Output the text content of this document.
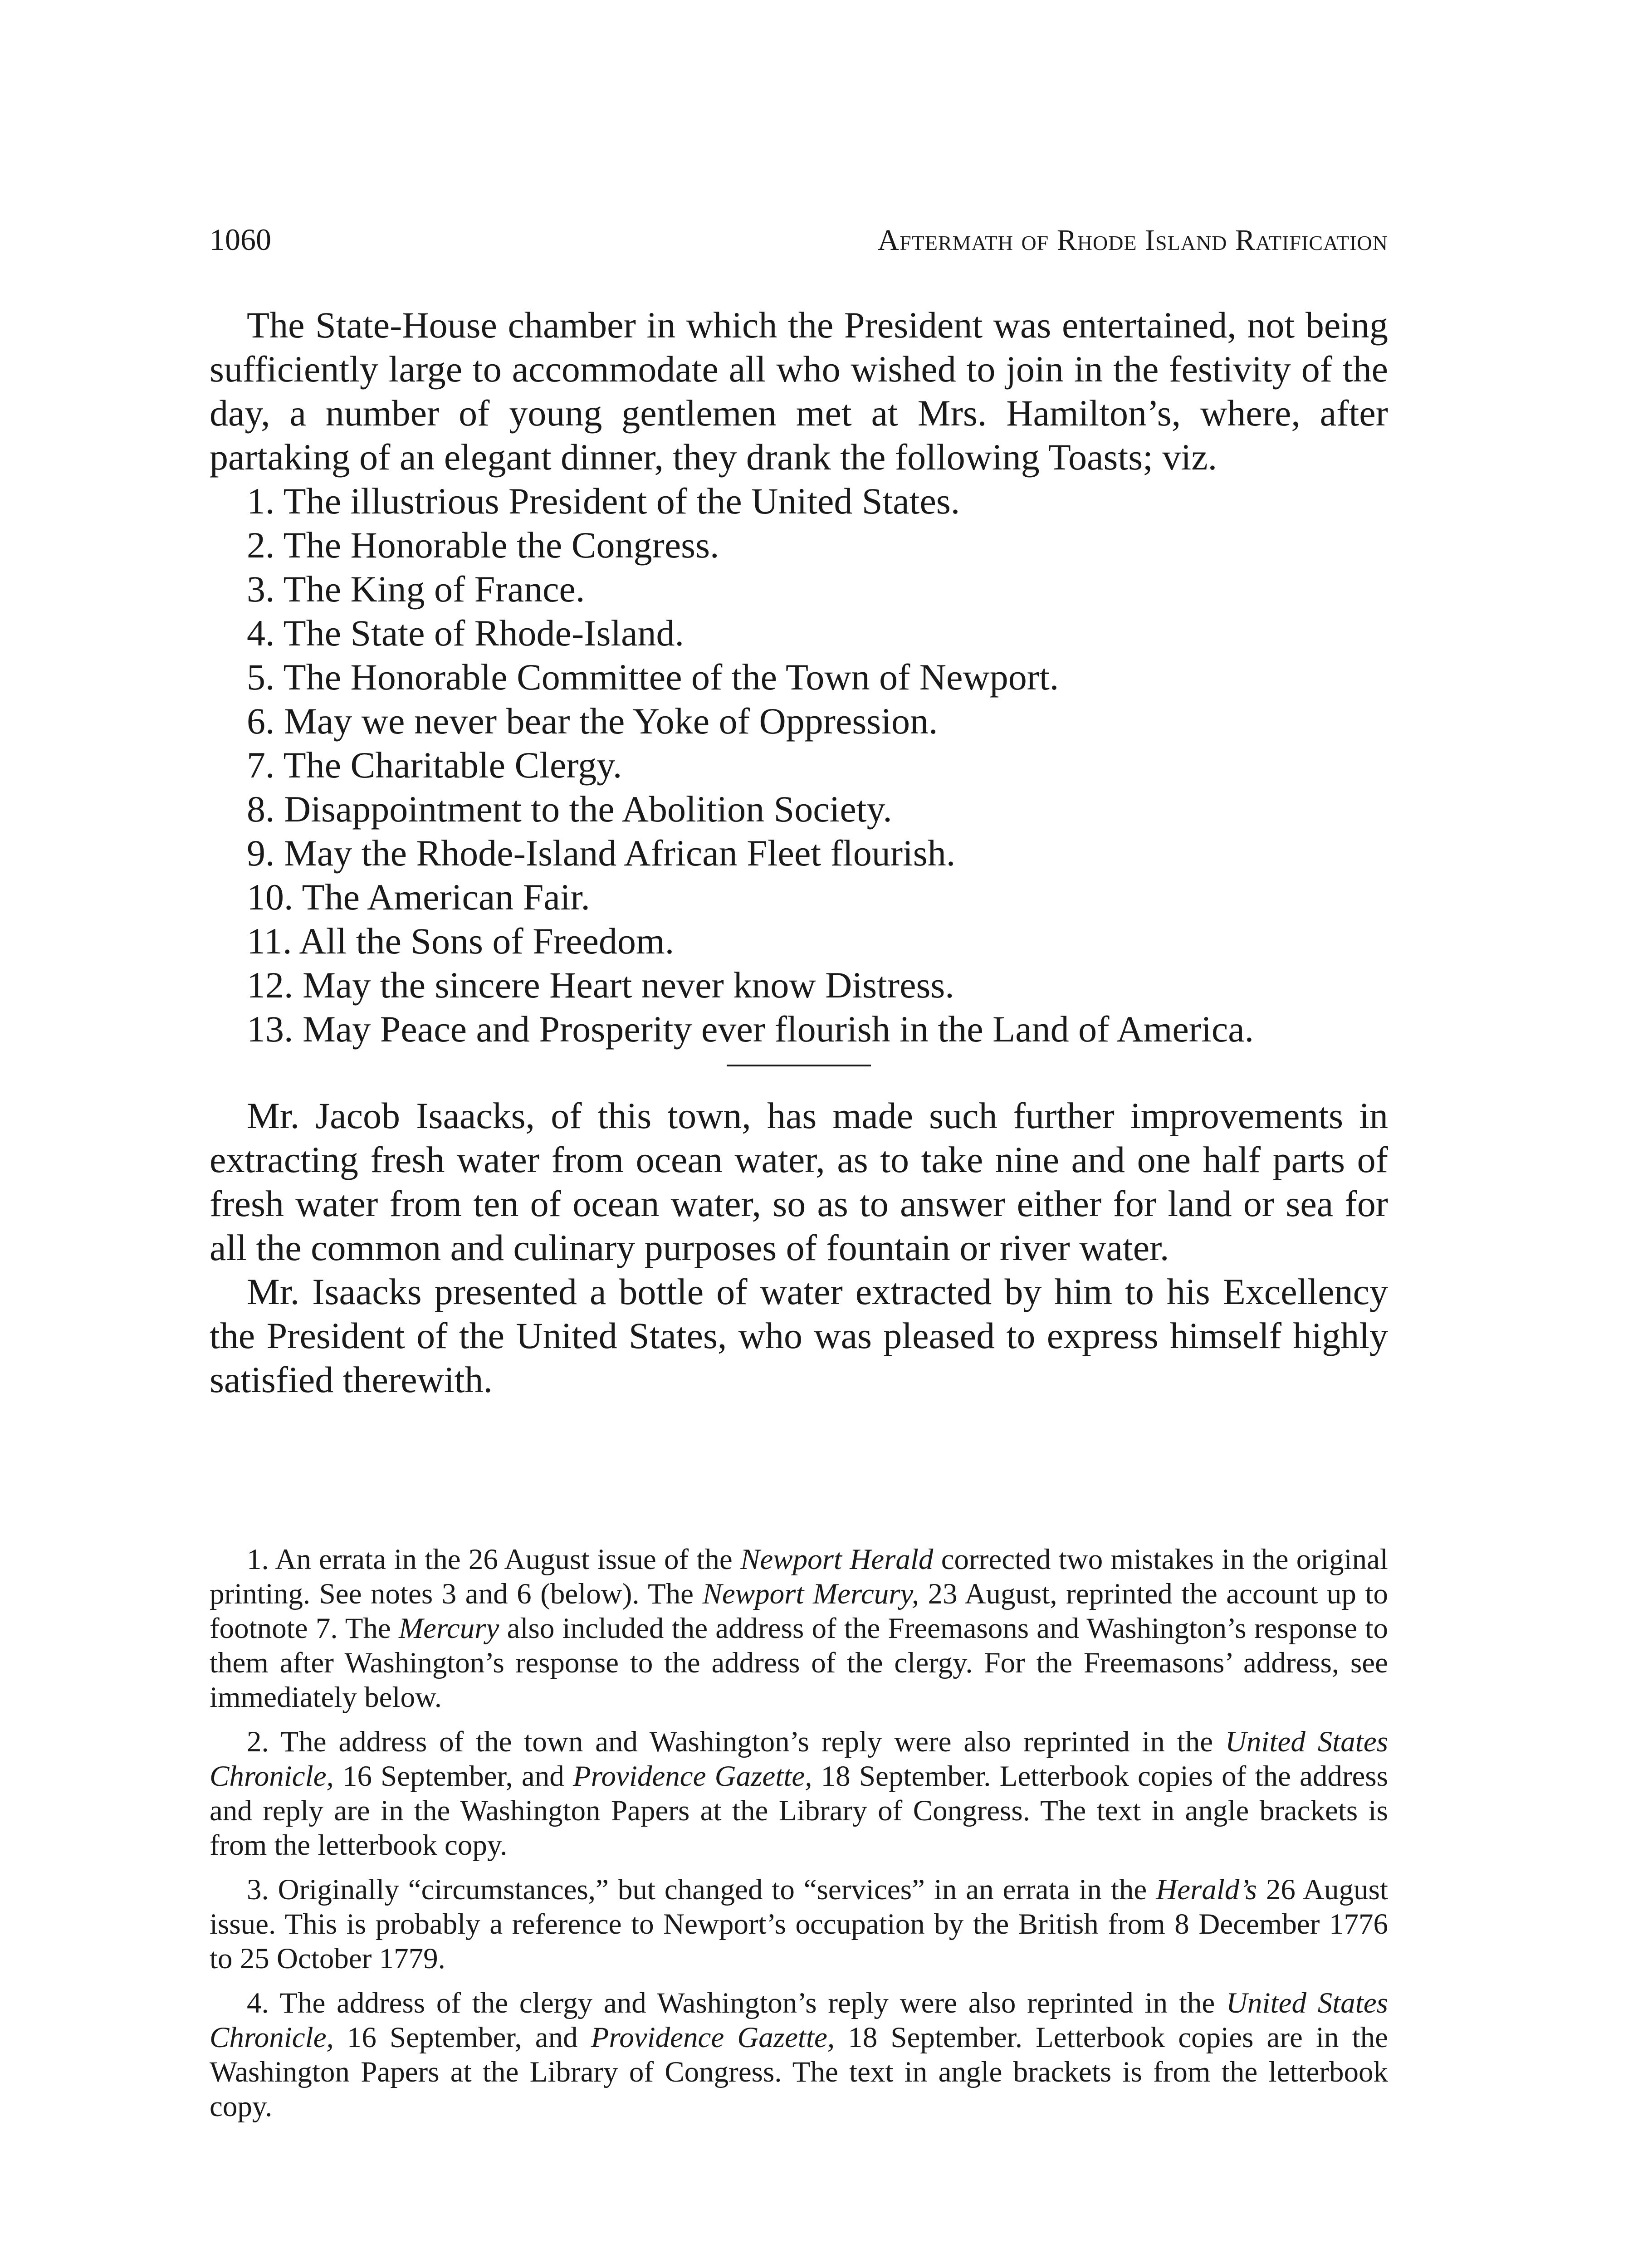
1060	Aftermath of Rhode Island Ratification

The State-House chamber in which the President was entertained, not being sufficiently large to accommodate all who wished to join in the festivity of the day, a number of young gentlemen met at Mrs. Hamilton’s, where, after partaking of an elegant dinner, they drank the following Toasts; viz.

1. The illustrious President of the United States.
2. The Honorable the Congress.
3. The King of France.
4. The State of Rhode-Island.
5. The Honorable Committee of the Town of Newport.
6. May we never bear the Yoke of Oppression.
7. The Charitable Clergy.
8. Disappointment to the Abolition Society.
9. May the Rhode-Island African Fleet flourish.
10. The American Fair.
11. All the Sons of Freedom.
12. May the sincere Heart never know Distress.
13. May Peace and Prosperity ever flourish in the Land of America.

Mr. Jacob Isaacks, of this town, has made such further improvements in extracting fresh water from ocean water, as to take nine and one half parts of fresh water from ten of ocean water, so as to answer either for land or sea for all the common and culinary purposes of fountain or river water.

Mr. Isaacks presented a bottle of water extracted by him to his Excellency the President of the United States, who was pleased to express himself highly satisfied therewith.

1. An errata in the 26 August issue of the Newport Herald corrected two mistakes in the original printing. See notes 3 and 6 (below). The Newport Mercury, 23 August, reprinted the account up to footnote 7. The Mercury also included the address of the Freemasons and Washington’s response to them after Washington’s response to the address of the clergy. For the Freemasons’ address, see immediately below.

2. The address of the town and Washington’s reply were also reprinted in the United States Chronicle, 16 September, and Providence Gazette, 18 September. Letterbook copies of the address and reply are in the Washington Papers at the Library of Congress. The text in angle brackets is from the letterbook copy.

3. Originally “circumstances,” but changed to “services” in an errata in the Herald’s 26 August issue. This is probably a reference to Newport’s occupation by the British from 8 December 1776 to 25 October 1779.

4. The address of the clergy and Washington’s reply were also reprinted in the United States Chronicle, 16 September, and Providence Gazette, 18 September. Letterbook copies are in the Washington Papers at the Library of Congress. The text in angle brackets is from the letterbook copy.
